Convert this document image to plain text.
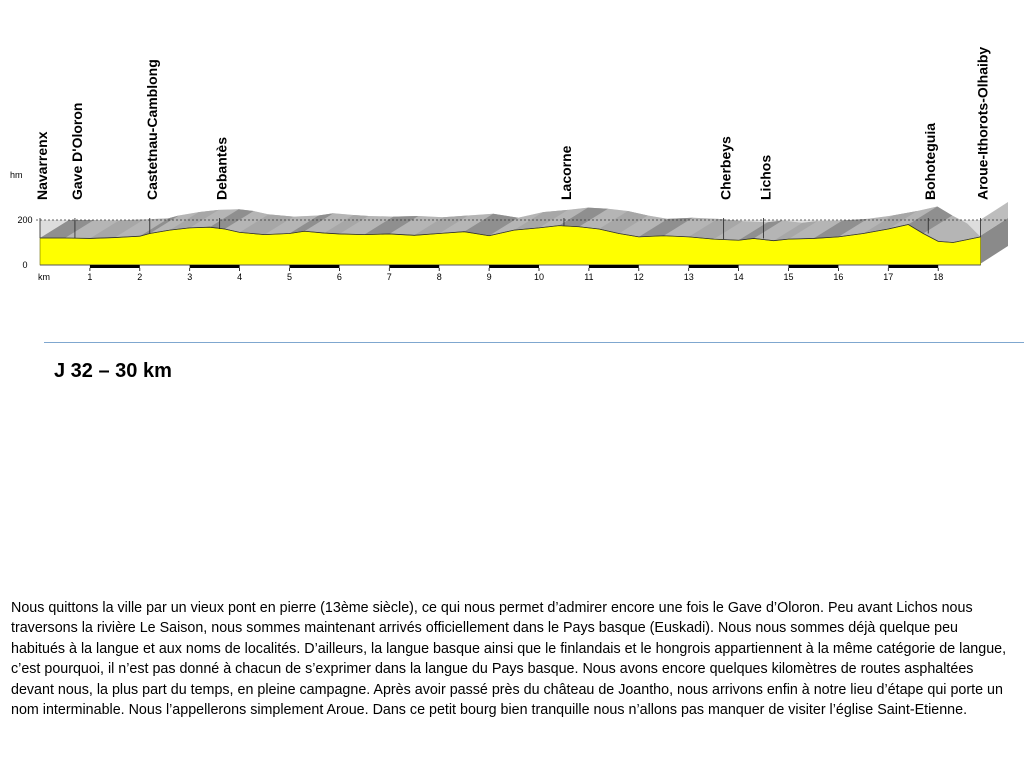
hm
0
200
km	1	2	3	4	5	6	7	8	9	10	11	12	13	14	15	16	17	18
Navarrenx Gave D'Oloron	Castetnau-Camblong	Debantès	Lacorne	Cherbeys Lichos	Bohoteguia	Aroue-Ithorots-Olhaiby
J 32 – 30 km

Nous quittons la ville par un vieux pont en pierre (13ème siècle), ce qui nous permet d’admirer encore une fois le Gave d’Oloron. Peu avant Lichos nous traversons la rivière Le Saison, nous sommes maintenant arrivés officiellement dans le Pays basque (Euskadi). Nous nous sommes déjà quelque peu habitués à la langue et aux noms de localités. D’ailleurs, la langue basque ainsi que le finlandais et le hongrois appartiennent à la même catégorie de langue, c’est pourquoi, il n’est pas donné à chacun de s’exprimer dans la langue du Pays basque. Nous avons encore quelques kilomètres de routes asphaltées devant nous, la plus part du temps, en pleine campagne. Après avoir passé près du château de Joantho, nous arrivons enfin à notre lieu d’étape qui porte un nom interminable. Nous l’appellerons simplement Aroue. Dans ce petit bourg bien tranquille nous n’allons pas manquer de visiter l’église Saint-Etienne.
